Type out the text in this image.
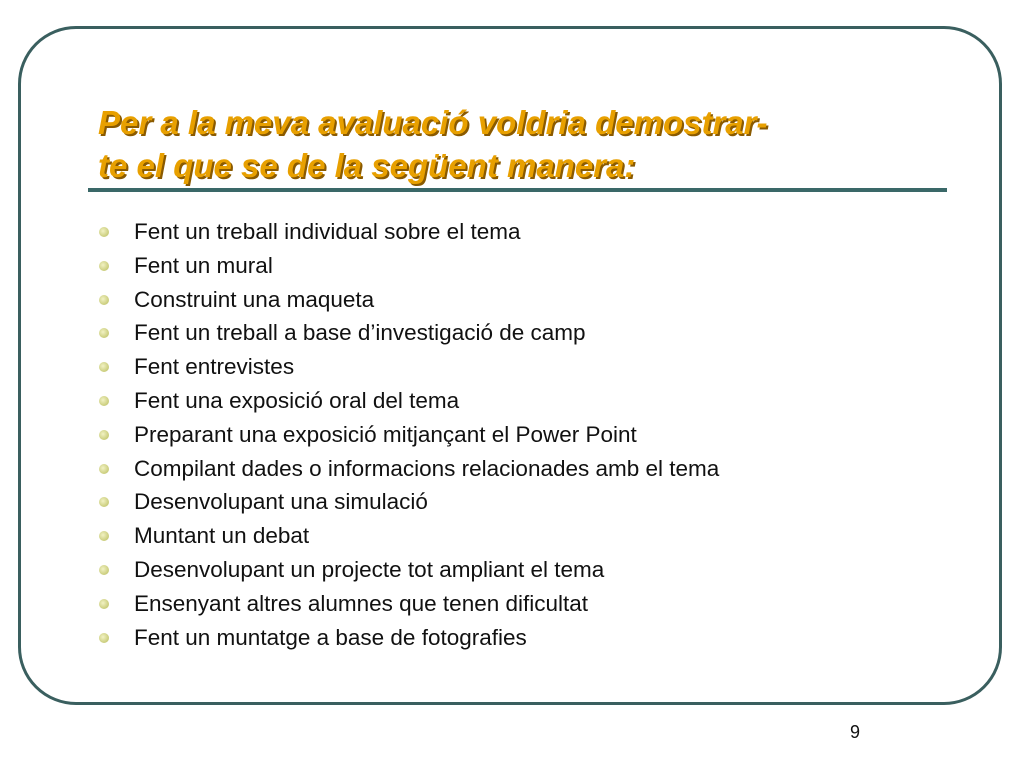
Per a la meva avaluació voldria demostrar-
te el que se de la següent manera:
Fent un treball individual sobre el tema
Fent un mural
Construint una maqueta
Fent un treball a base d’investigació de camp
Fent entrevistes
Fent una exposició oral del tema
Preparant una exposició mitjançant el Power Point
Compilant dades o informacions relacionades amb el tema
Desenvolupant una simulació
Muntant un debat
Desenvolupant un projecte tot ampliant el tema
Ensenyant altres alumnes que tenen dificultat
Fent un muntatge a base de fotografies
9
